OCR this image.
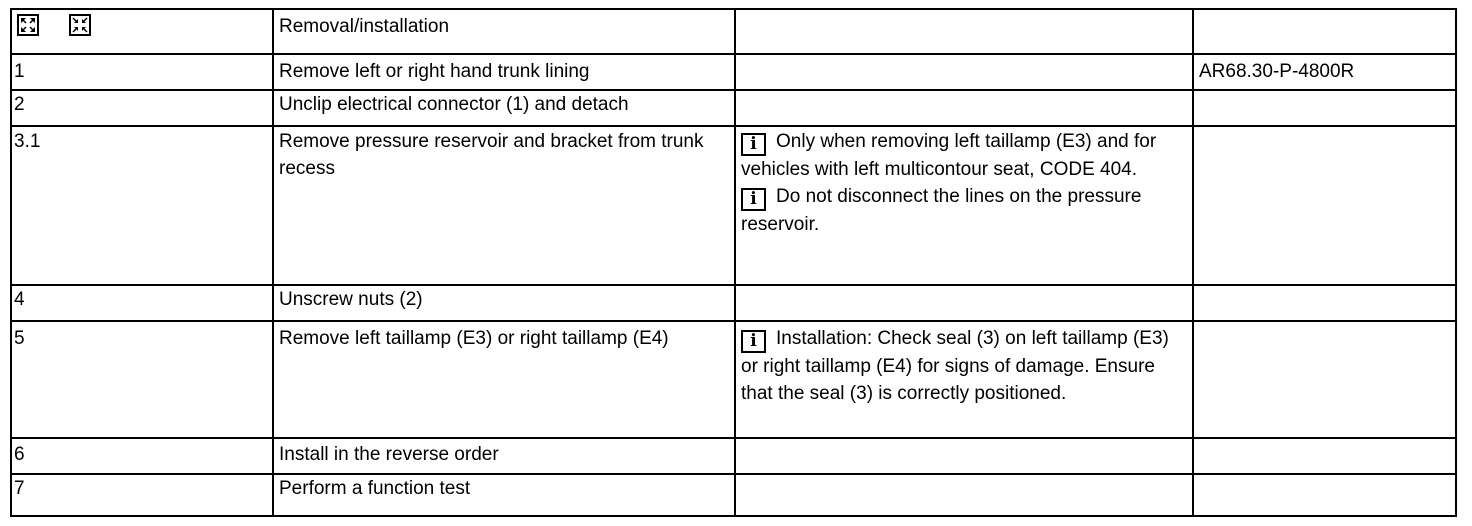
	Removal/installation		
1	Remove left or right hand trunk lining		AR68.30-P-4800R
2	Unclip electrical connector (1) and detach		
3.1	Remove pressure reservoir and bracket from trunk recess	i Only when removing left taillamp (E3) and for vehicles with left multicontour seat, CODE 404.
i Do not disconnect the lines on the pressure reservoir.	

4	Unscrew nuts (2)		
5	Remove left taillamp (E3) or right taillamp (E4)	i Installation: Check seal (3) on left taillamp (E3) or right taillamp (E4) for signs of damage. Ensure that the seal (3) is correctly positioned.	

6	Install in the reverse order		
7	Perform a function test		
